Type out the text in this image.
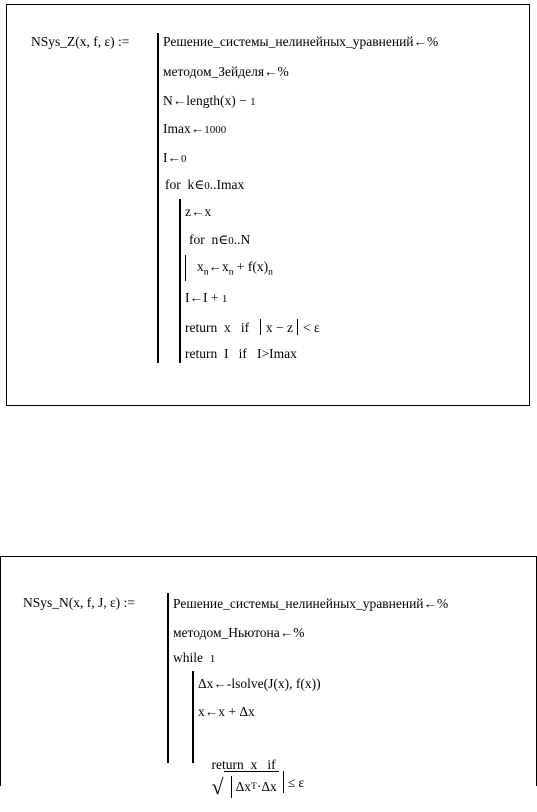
NSys_Z(x, f, ε) := Решение_системы_нелинейных_уравнений←%
методом_Зейделя←%
N←length(x) − 1
Imax←1000
I←0
for  k∈0..Imax
z←x
for  n∈0..N
$x_n\leftarrow x_n + f(x)_n$
I←I + 1
return  x   if  x − z < ε
return  I   if   I>Imax
NSys_N(x, f, J, ε) :=	Решение_системы_нелинейных_уравнений←%
методом_Ньютона←%
while  1
Δx←-lsolve(J(x), f(x))
x←x + Δx

return  x   if

√ Δx T ·Δx ≤ ε
